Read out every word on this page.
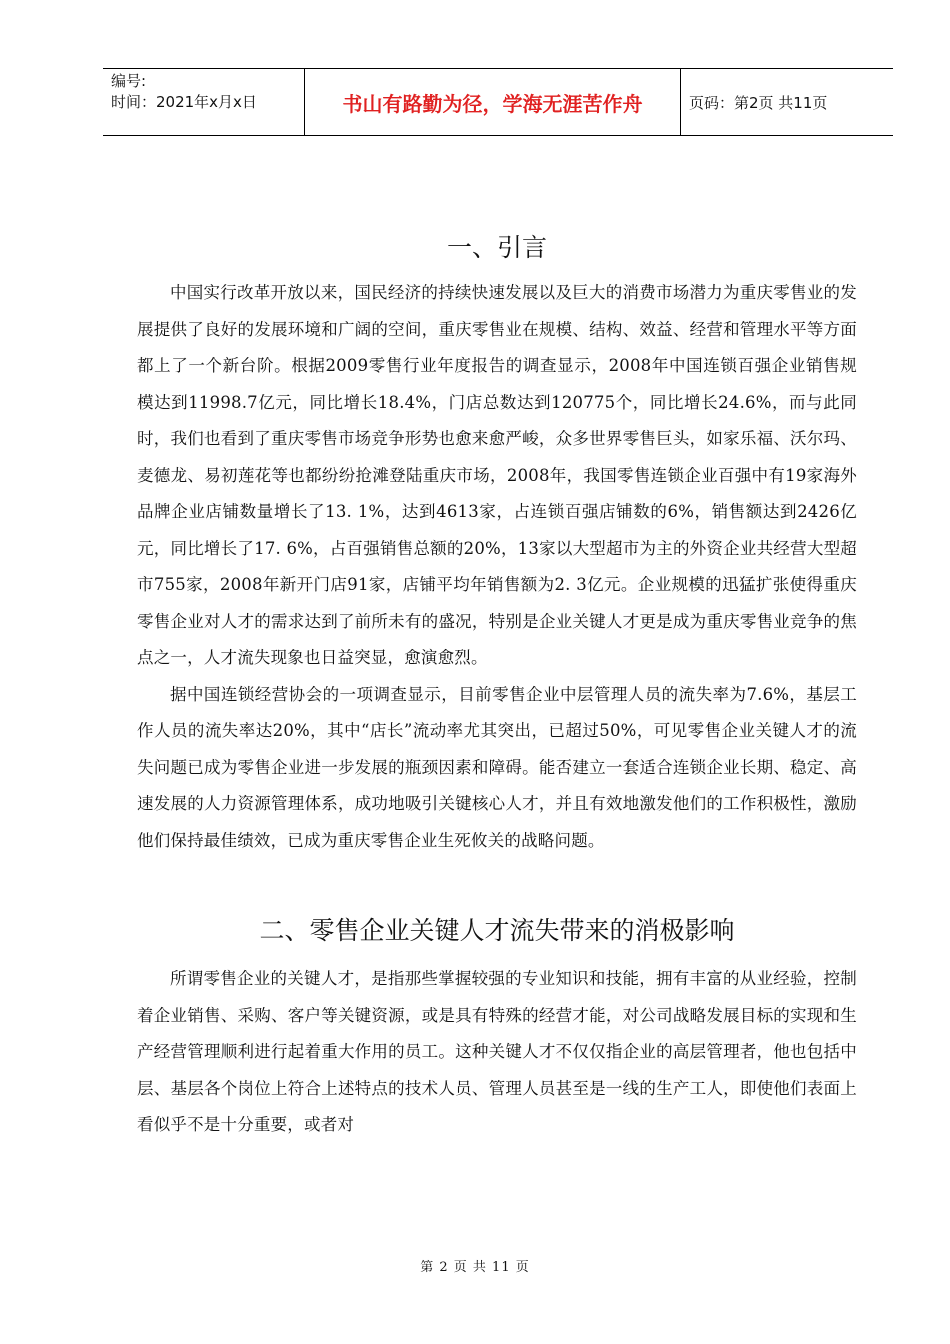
编号:
时间：2021年x月x日	书山有路勤为径，学海无涯苦作舟	页码：第2页 共11页
一、引言

中国实行改革开放以来，国民经济的持续快速发展以及巨大的消费市场潜力为重庆零售业的发展提供了良好的发展环境和广阔的空间，重庆零售业在规模、结构、效益、经营和管理水平等方面都上了一个新台阶。根据2009零售行业年度报告的调查显示，2008年中国连锁百强企业销售规模达到11998.7亿元，同比增长18.4%，门店总数达到120775个，同比增长24.6%，而与此同时，我们也看到了重庆零售市场竞争形势也愈来愈严峻，众多世界零售巨头，如家乐福、沃尔玛、麦德龙、易初莲花等也都纷纷抢滩登陆重庆市场，2008年，我国零售连锁企业百强中有19家海外品牌企业店铺数量增长了13. 1%，达到4613家，占连锁百强店铺数的6%，销售额达到2426亿元，同比增长了17. 6%，占百强销售总额的20%，13家以大型超市为主的外资企业共经营大型超市755家，2008年新开门店91家，店铺平均年销售额为2. 3亿元。企业规模的迅猛扩张使得重庆零售企业对人才的需求达到了前所未有的盛况，特别是企业关键人才更是成为重庆零售业竞争的焦点之一，人才流失现象也日益突显，愈演愈烈。

据中国连锁经营协会的一项调查显示，目前零售企业中层管理人员的流失率为7.6%，基层工作人员的流失率达20%，其中“店长”流动率尤其突出，已超过50%，可见零售企业关键人才的流失问题已成为零售企业进一步发展的瓶颈因素和障碍。能否建立一套适合连锁企业长期、稳定、高速发展的人力资源管理体系，成功地吸引关键核心人才，并且有效地激发他们的工作积极性，激励他们保持最佳绩效，已成为重庆零售企业生死攸关的战略问题。

二、零售企业关键人才流失带来的消极影响

所谓零售企业的关键人才，是指那些掌握较强的专业知识和技能，拥有丰富的从业经验，控制着企业销售、采购、客户等关键资源，或是具有特殊的经营才能，对公司战略发展目标的实现和生产经营管理顺利进行起着重大作用的员工。这种关键人才不仅仅指企业的高层管理者，他也包括中层、基层各个岗位上符合上述特点的技术人员、管理人员甚至是一线的生产工人，即使他们表面上看似乎不是十分重要，或者对

第 2 页 共 11 页
